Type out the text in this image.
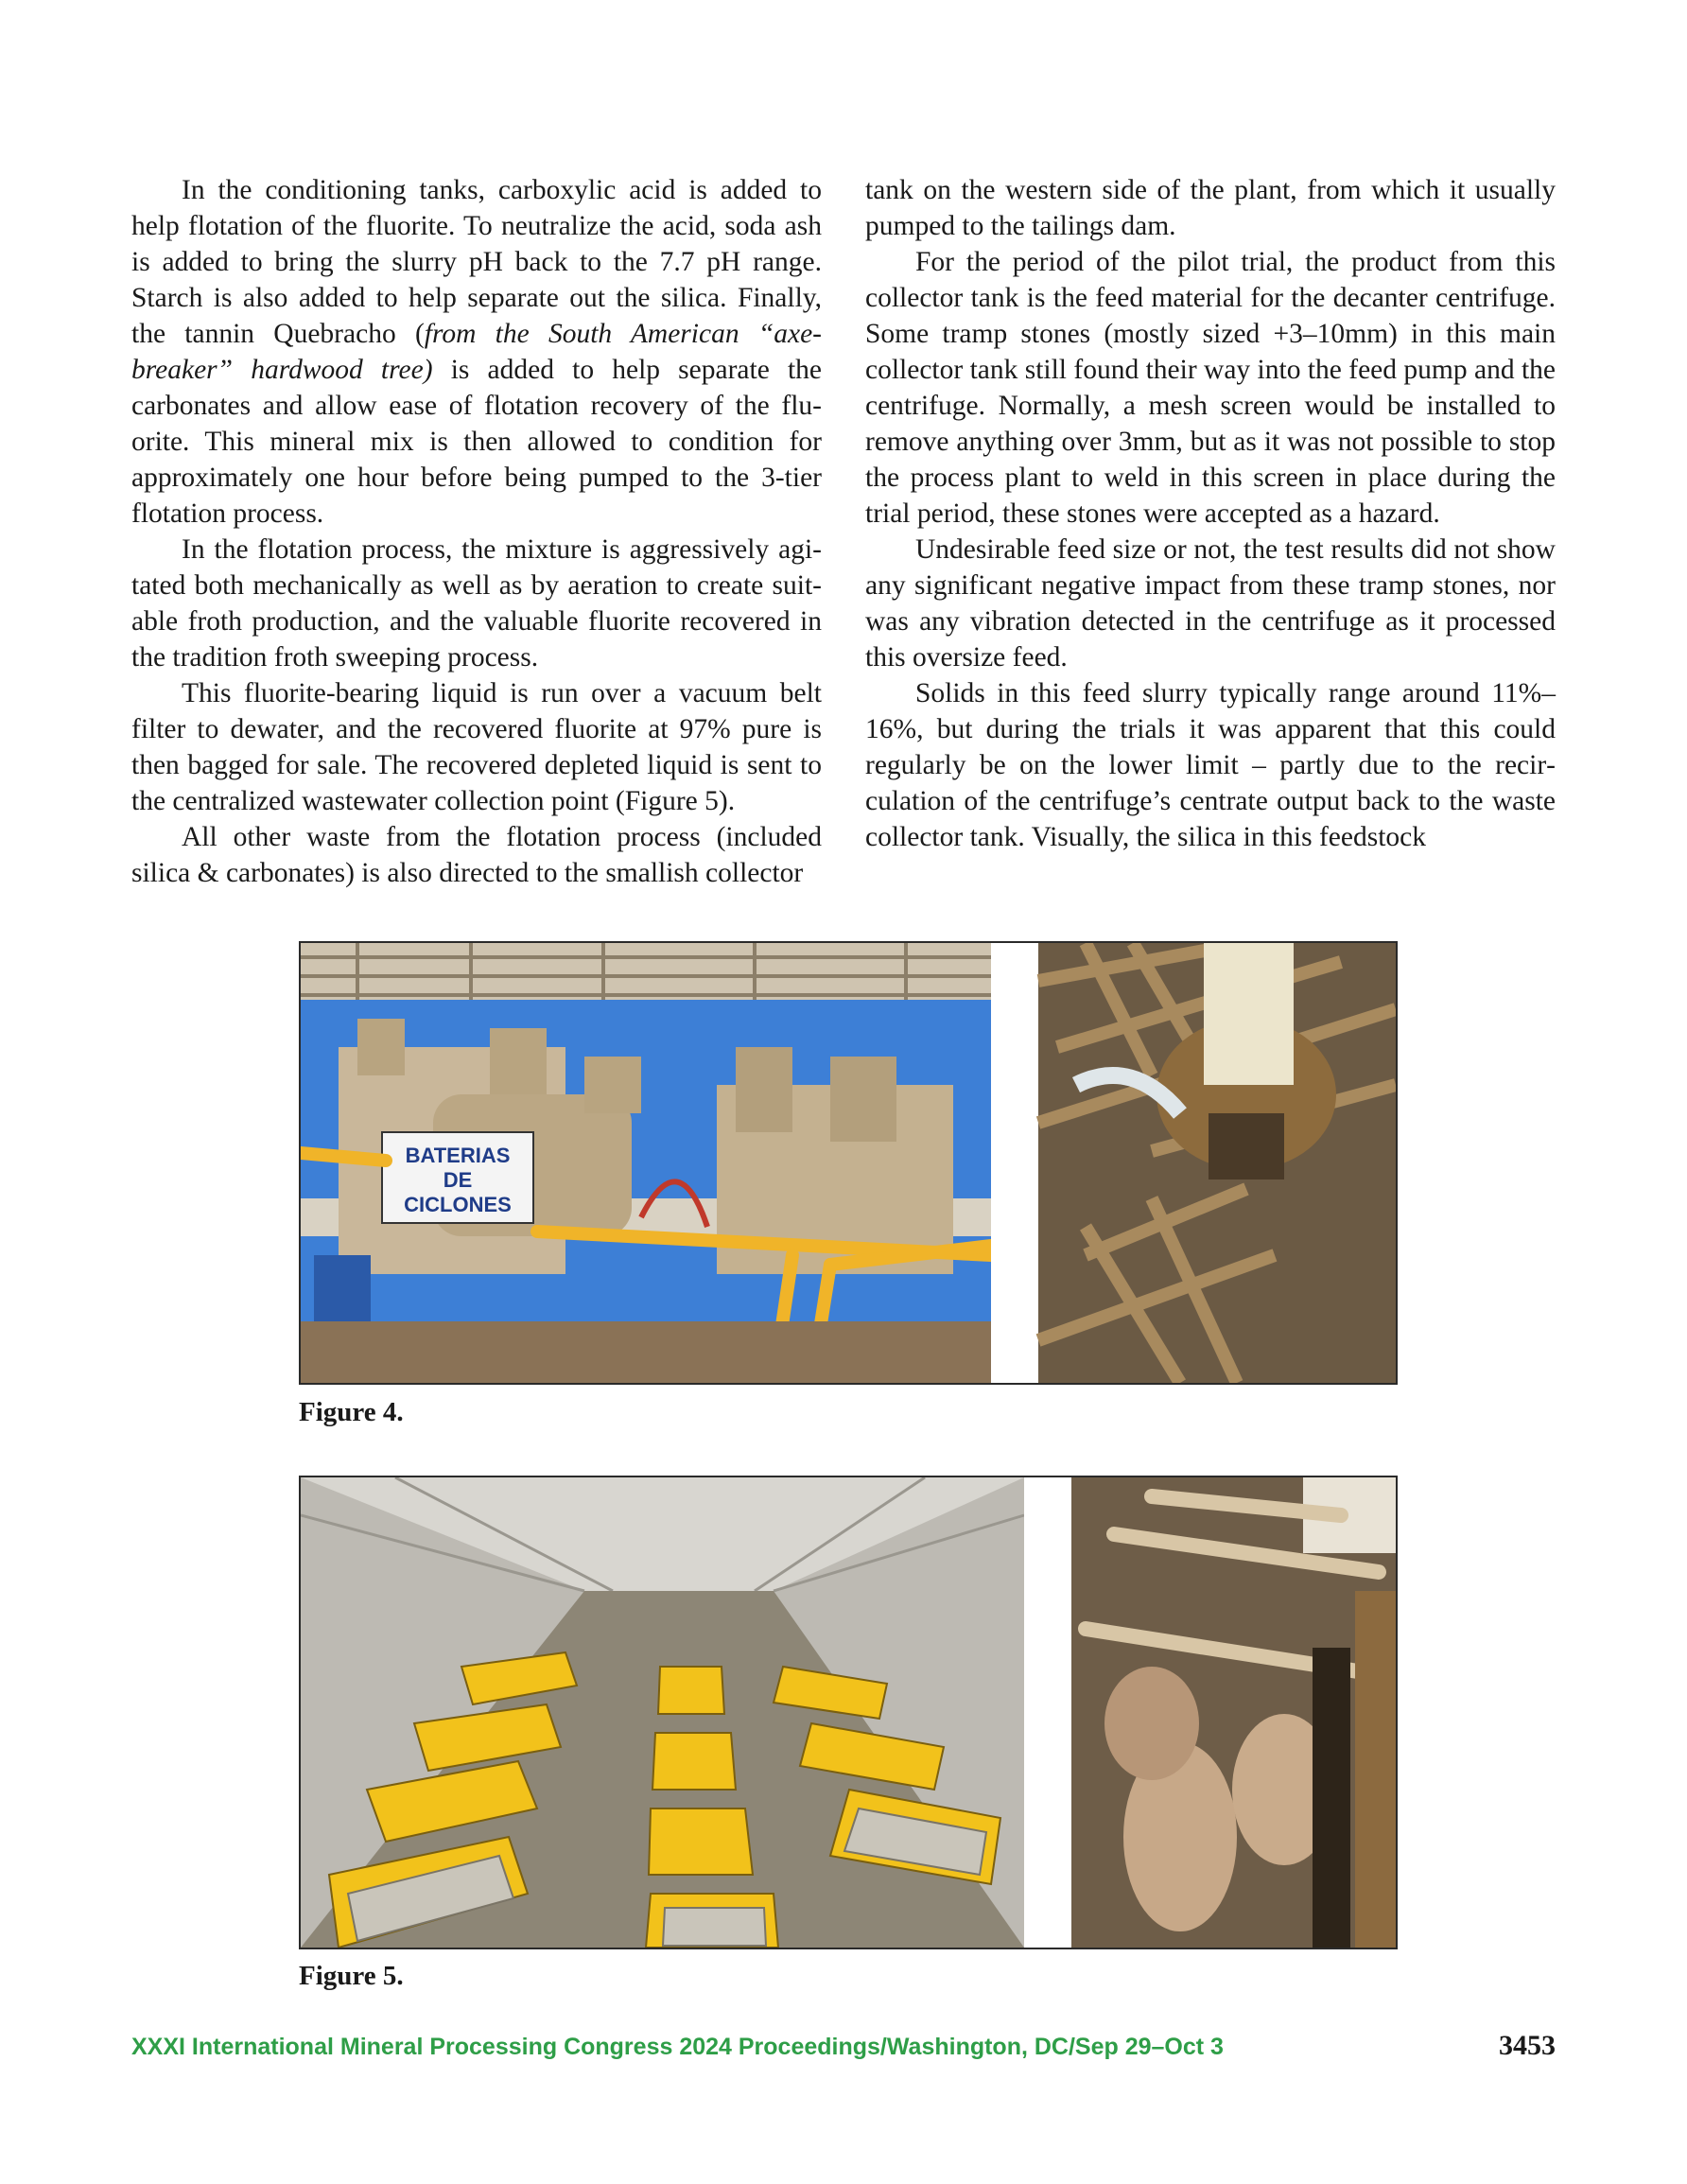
In the conditioning tanks, carboxylic acid is added to help flotation of the fluorite. To neutralize the acid, soda ash is added to bring the slurry pH back to the 7.7 pH range. Starch is also added to help separate out the silica. Finally, the tannin Quebracho (from the South American “axe-breaker” hardwood tree) is added to help separate the carbonates and allow ease of flotation recovery of the fluorite. This mineral mix is then allowed to condition for approximately one hour before being pumped to the 3-tier flotation process.

In the flotation process, the mixture is aggressively agitated both mechanically as well as by aeration to create suitable froth production, and the valuable fluorite recovered in the tradition froth sweeping process.

This fluorite-bearing liquid is run over a vacuum belt filter to dewater, and the recovered fluorite at 97% pure is then bagged for sale. The recovered depleted liquid is sent to the centralized wastewater collection point (Figure 5).

All other waste from the flotation process (included silica & carbonates) is also directed to the smallish collector

tank on the western side of the plant, from which it usually pumped to the tailings dam.

For the period of the pilot trial, the product from this collector tank is the feed material for the decanter centrifuge. Some tramp stones (mostly sized +3–10mm) in this main collector tank still found their way into the feed pump and the centrifuge. Normally, a mesh screen would be installed to remove anything over 3mm, but as it was not possible to stop the process plant to weld in this screen in place during the trial period, these stones were accepted as a hazard.

Undesirable feed size or not, the test results did not show any significant negative impact from these tramp stones, nor was any vibration detected in the centrifuge as it processed this oversize feed.

Solids in this feed slurry typically range around 11%– 16%, but during the trials it was apparent that this could regularly be on the lower limit – partly due to the recirculation of the centrifuge’s centrate output back to the waste collector tank. Visually, the silica in this feedstock

BATERIAS
DE
CICLONES
Figure 4.
Figure 5.
XXXI International Mineral Processing Congress 2024 Proceedings/Washington, DC/Sep 29–Oct 3	3453
